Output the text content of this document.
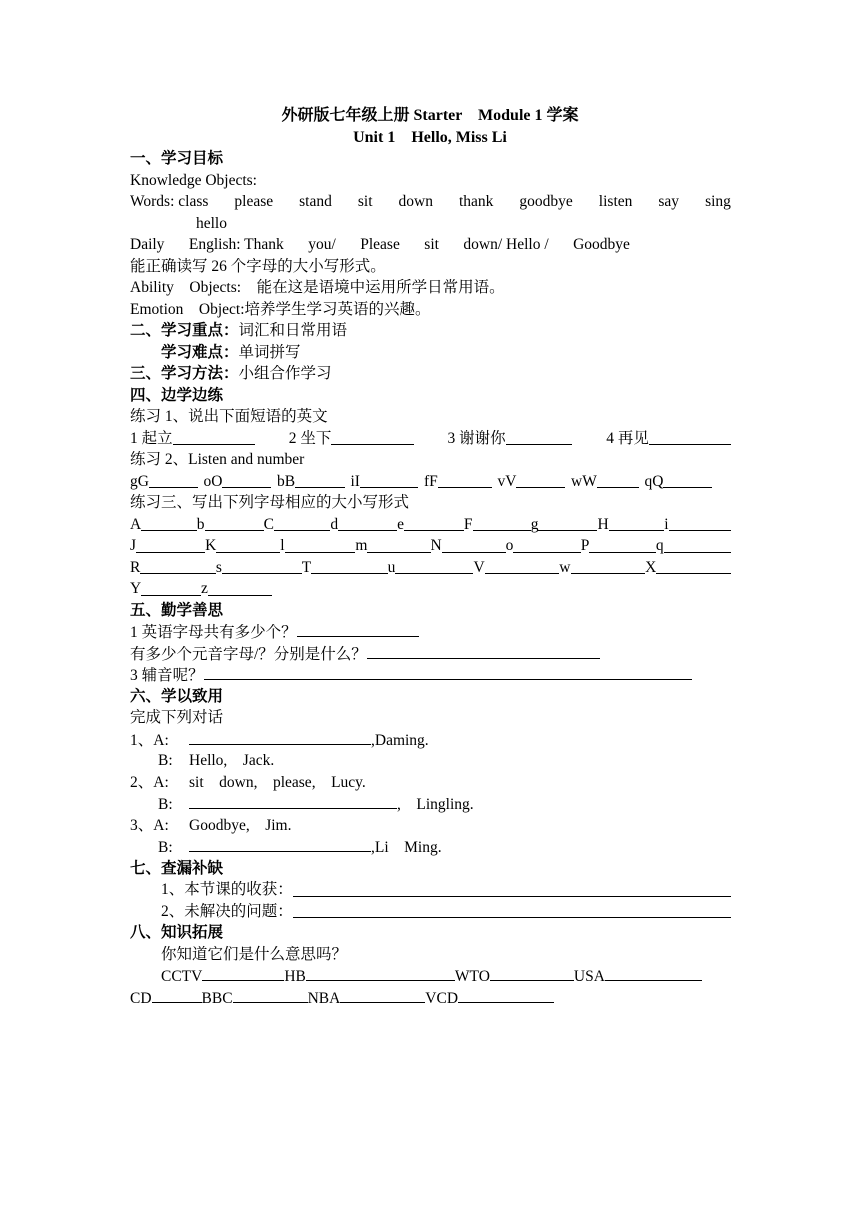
外研版七年级上册 Starter　Module 1 学案
Unit 1　Hello, Miss Li
一、学习目标
Knowledge Objects:
Words: class please stand sit down thank goodbye listen say sing
hello
Daily English: Thank you/ Please sit down/ Hello / Goodbye
能正确读写 26 个字母的大小写形式。
Ability　Objects:　能在这是语境中运用所学日常用语。
Emotion　Object:培养学生学习英语的兴趣。
二、学习重点：词汇和日常用语
学习难点：单词拼写
三、学习方法：小组合作学习
四、边学边练
练习 1、说出下面短语的英文
1 起立	2 坐下	3 谢谢你	4 再见
练习 2、Listen and number
gG	oO	bB	iI	fF	vV	wW	qQ
练习三、写出下列字母相应的大小写形式
A	b	C	d	e	F	g	H	i
J	K	l	m	N	o	P	q
R	s	T	u	V	w	X
Y	z
五、勤学善思
1 英语字母共有多少个？
有多少个元音字母/？分别是什么？
3 辅音呢？
六、学以致用
完成下列对话
1、A:	,Daming.
B: Hello,　Jack.
2、A: sit　down,　please,　Lucy.
B:	,　Lingling.
3、A: Goodbye,　Jim.
B:	,Li　Ming.
七、查漏补缺
1、本节课的收获：
2、未解决的问题：
八、知识拓展
你知道它们是什么意思吗？
CCTV	HB	WTO	USA
CD	BBC	NBA	VCD
